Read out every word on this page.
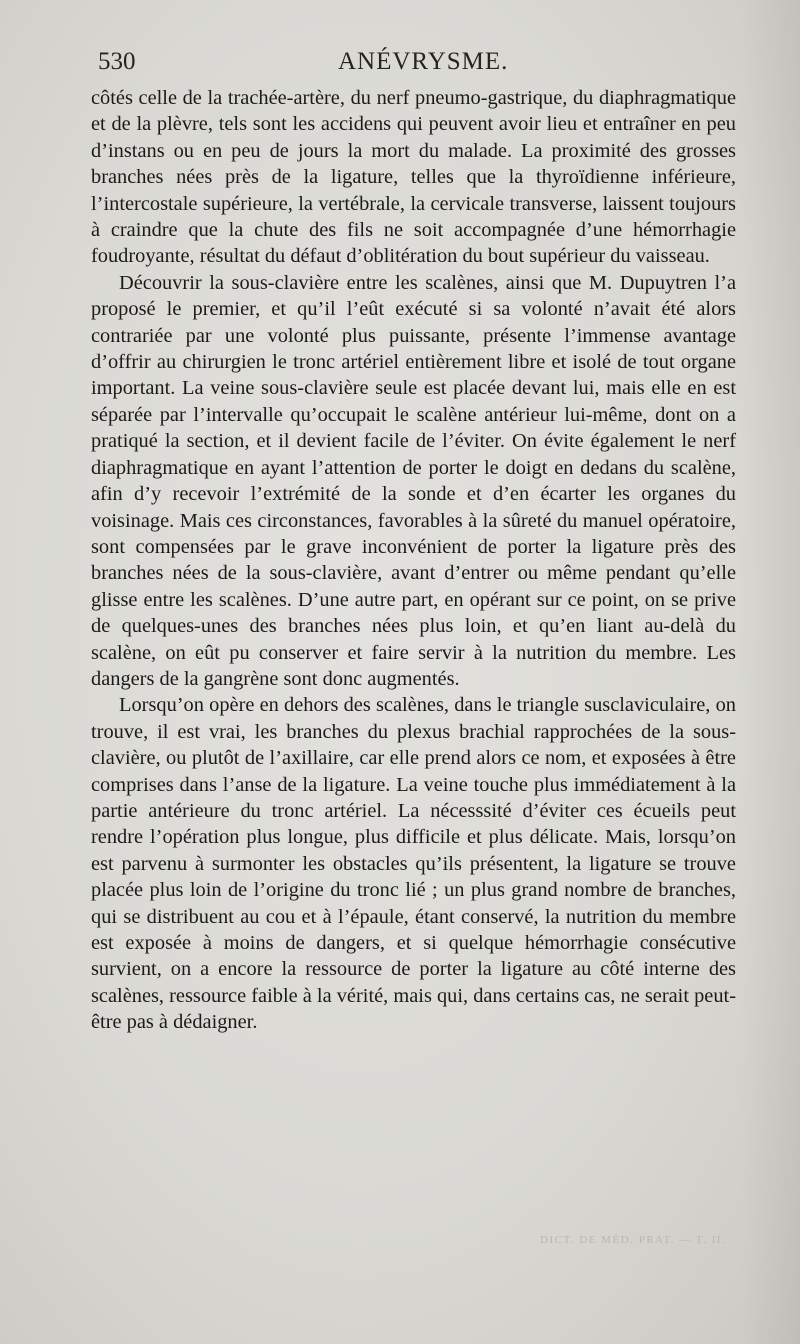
530	ANÉVRYSME.

côtés celle de la trachée-artère, du nerf pneumo-gastrique, du diaphragmatique et de la plèvre, tels sont les accidens qui peuvent avoir lieu et entraîner en peu d’instans ou en peu de jours la mort du malade. La proximité des grosses branches nées près de la ligature, telles que la thyroïdienne inférieure, l’intercostale supérieure, la vertébrale, la cervicale transverse, laissent toujours à craindre que la chute des fils ne soit accompagnée d’une hémorrhagie foudroyante, résultat du défaut d’oblitération du bout supérieur du vaisseau.

Découvrir la sous-clavière entre les scalènes, ainsi que M. Dupuytren l’a proposé le premier, et qu’il l’eût exécuté si sa volonté n’avait été alors contrariée par une volonté plus puissante, présente l’immense avantage d’offrir au chirurgien le tronc artériel entièrement libre et isolé de tout organe important. La veine sous-clavière seule est placée devant lui, mais elle en est séparée par l’intervalle qu’occupait le scalène antérieur lui-même, dont on a pratiqué la section, et il devient facile de l’éviter. On évite également le nerf diaphragmatique en ayant l’attention de porter le doigt en dedans du scalène, afin d’y recevoir l’extrémité de la sonde et d’en écarter les organes du voisinage. Mais ces circonstances, favorables à la sûreté du manuel opératoire, sont compensées par le grave inconvénient de porter la ligature près des branches nées de la sous-clavière, avant d’entrer ou même pendant qu’elle glisse entre les scalènes. D’une autre part, en opérant sur ce point, on se prive de quelques-unes des branches nées plus loin, et qu’en liant au-delà du scalène, on eût pu conserver et faire servir à la nutrition du membre. Les dangers de la gangrène sont donc augmentés.

Lorsqu’on opère en dehors des scalènes, dans le triangle susclaviculaire, on trouve, il est vrai, les branches du plexus brachial rapprochées de la sous-clavière, ou plutôt de l’axillaire, car elle prend alors ce nom, et exposées à être comprises dans l’anse de la ligature. La veine touche plus immédiatement à la partie antérieure du tronc artériel. La nécesssité d’éviter ces écueils peut rendre l’opération plus longue, plus difficile et plus délicate. Mais, lorsqu’on est parvenu à surmonter les obstacles qu’ils présentent, la ligature se trouve placée plus loin de l’origine du tronc lié ; un plus grand nombre de branches, qui se distribuent au cou et à l’épaule, étant conservé, la nutrition du membre est exposée à moins de dangers, et si quelque hémorrhagie consécutive survient, on a encore la ressource de porter la ligature au côté interne des scalènes, ressource faible à la vérité, mais qui, dans certains cas, ne serait peut-être pas à dédaigner.

DICT. DE MÉD. PRAT. — T. II.
